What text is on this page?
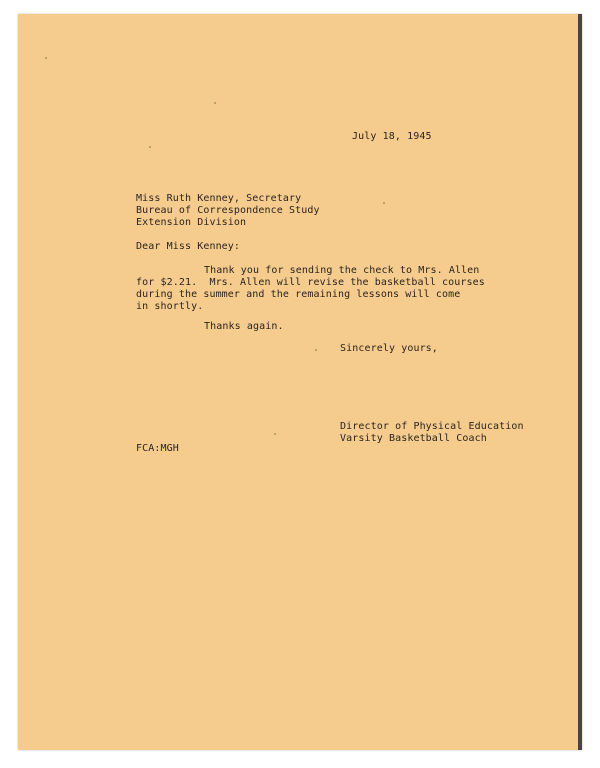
July 18, 1945

Miss Ruth Kenney, Secretary

Bureau of Correspondence Study

Extension Division

Dear Miss Kenney:

Thank you for sending the check to Mrs. Allen

for $2.21.  Mrs. Allen will revise the basketball courses

during the summer and the remaining lessons will come

in shortly.

Thanks again.

Sincerely yours,

Director of Physical Education

Varsity Basketball Coach

FCA:MGH
